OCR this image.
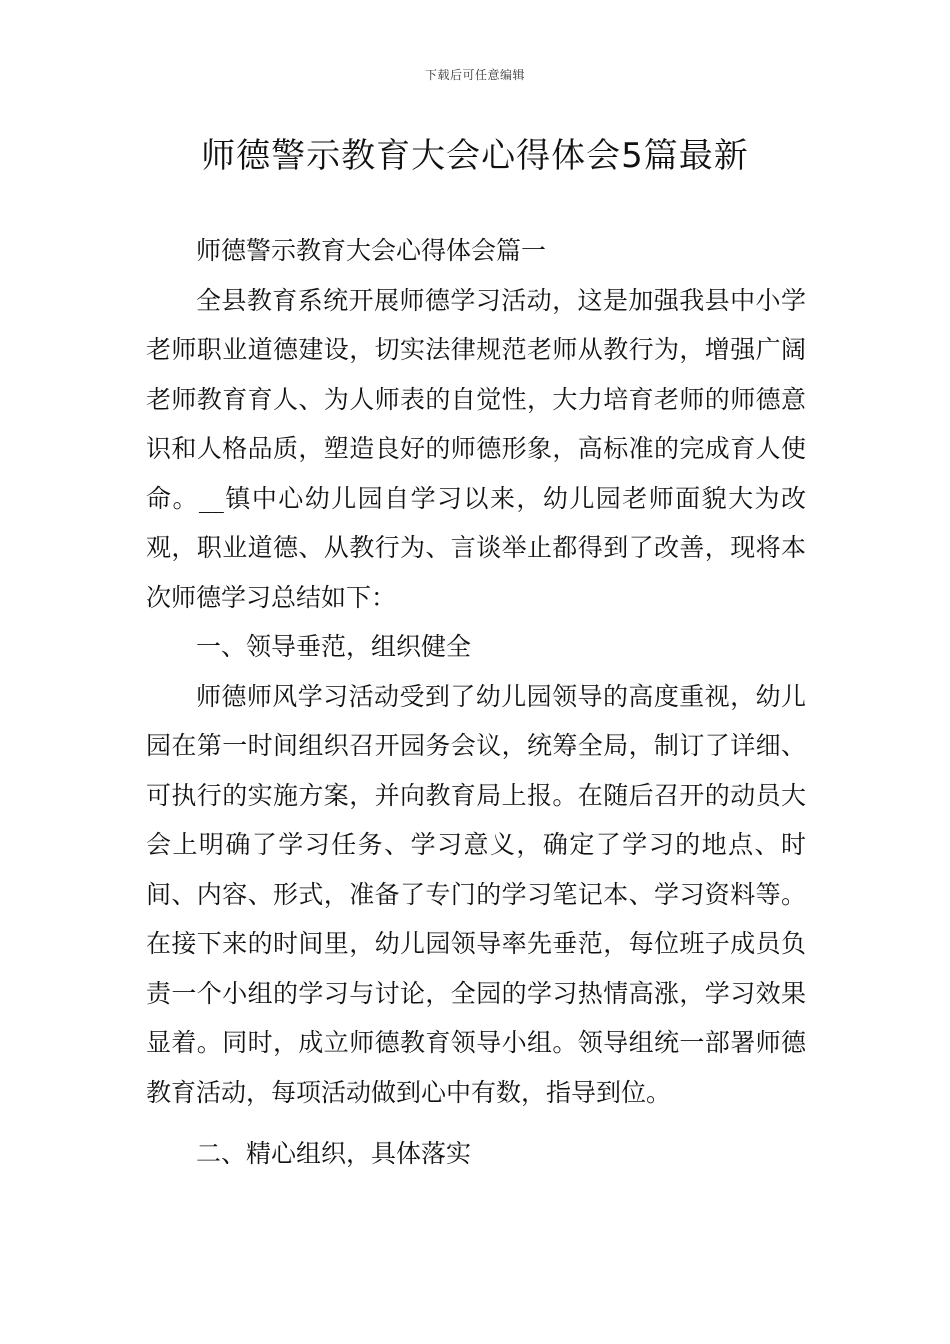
下载后可任意编辑
师德警示教育大会心得体会5篇最新

师德警示教育大会心得体会篇一

全县教育系统开展师德学习活动，这是加强我县中小学老师职业道德建设，切实法律规范老师从教行为，增强广阔老师教育育人、为人师表的自觉性，大力培育老师的师德意识和人格品质，塑造良好的师德形象，高标准的完成育人使命。__镇中心幼儿园自学习以来，幼儿园老师面貌大为改观，职业道德、从教行为、言谈举止都得到了改善，现将本次师德学习总结如下：

一、领导垂范，组织健全

师德师风学习活动受到了幼儿园领导的高度重视，幼儿园在第一时间组织召开园务会议，统筹全局，制订了详细、可执行的实施方案，并向教育局上报。在随后召开的动员大会上明确了学习任务、学习意义，确定了学习的地点、时间、内容、形式，准备了专门的学习笔记本、学习资料等。在接下来的时间里，幼儿园领导率先垂范，每位班子成员负责一个小组的学习与讨论，全园的学习热情高涨，学习效果显着。同时，成立师德教育领导小组。领导组统一部署师德教育活动，每项活动做到心中有数，指导到位。

二、精心组织，具体落实
